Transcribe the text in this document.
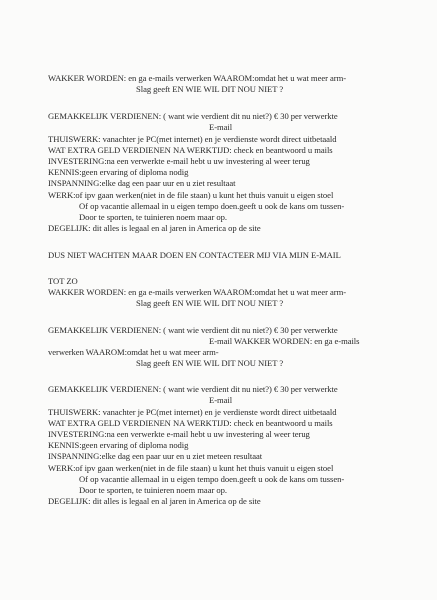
WAKKER WORDEN: en ga e-mails verwerken WAAROM:omdat het u wat meer arm-
Slag geeft EN WIE WIL DIT NOU NIET ?
GEMAKKELIJK VERDIENEN: ( want wie verdient dit nu niet?) € 30 per verwerkte
E-mail
THUISWERK: vanachter je PC(met internet) en je verdienste wordt direct uitbetaald
WAT EXTRA GELD VERDIENEN NA WERKTIJD: check en beantwoord u mails
INVESTERING:na een verwerkte e-mail hebt u uw investering al weer terug
KENNIS:geen ervaring of diploma nodig
INSPANNING:elke dag een paar uur en u ziet resultaat
WERK:of ipv gaan werken(niet in de file staan) u kunt het thuis vanuit u eigen stoel
Of op vacantie allemaal in u eigen tempo doen.geeft u ook de kans om tussen-
Door te sporten, te tuinieren noem maar op.
DEGELIJK: dit alles is legaal en al jaren in America op de site
DUS NIET WACHTEN MAAR DOEN EN CONTACTEER MIJ VIA MIJN E-MAIL
TOT ZO
WAKKER WORDEN: en ga e-mails verwerken WAAROM:omdat het u wat meer arm-
Slag geeft EN WIE WIL DIT NOU NIET ?
GEMAKKELIJK VERDIENEN: ( want wie verdient dit nu niet?) € 30 per verwerkte
E-mail WAKKER WORDEN: en ga e-mails
verwerken WAAROM:omdat het u wat meer arm-
Slag geeft EN WIE WIL DIT NOU NIET ?
GEMAKKELIJK VERDIENEN: ( want wie verdient dit nu niet?) € 30 per verwerkte
E-mail
THUISWERK: vanachter je PC(met internet) en je verdienste wordt direct uitbetaald
WAT EXTRA GELD VERDIENEN NA WERKTIJD: check en beantwoord u mails
INVESTERING:na een verwerkte e-mail hebt u uw investering al weer terug
KENNIS:geen ervaring of diploma nodig
INSPANNING:elke dag een paar uur en u ziet meteen resultaat
WERK:of ipv gaan werken(niet in de file staan) u kunt het thuis vanuit u eigen stoel
Of op vacantie allemaal in u eigen tempo doen.geeft u ook de kans om tussen-
Door te sporten, te tuinieren noem maar op.
DEGELIJK: dit alles is legaal en al jaren in America op de site
